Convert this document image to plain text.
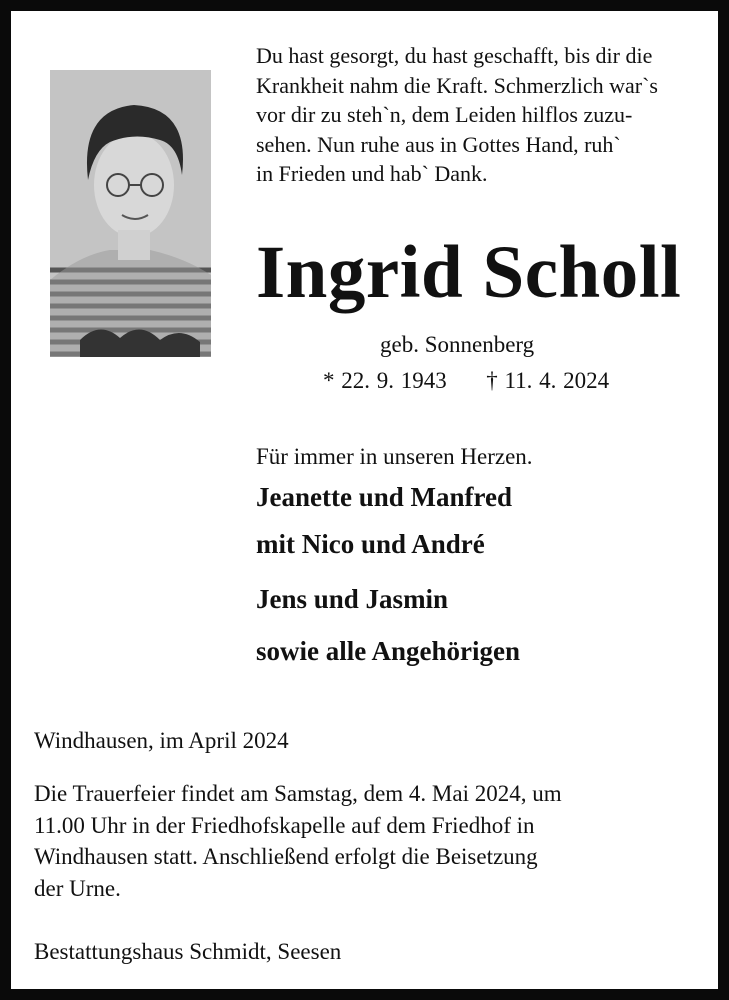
Du hast gesorgt, du hast geschafft, bis dir die
Krankheit nahm die Kraft. Schmerzlich war`s
vor dir zu steh`n, dem Leiden hilflos zuzu-
sehen. Nun ruhe aus in Gottes Hand, ruh`
in Frieden und hab` Dank.
Ingrid Scholl
geb. Sonnenberg
* 22. 9. 1943 † 11. 4. 2024
Für immer in unseren Herzen.
Jeanette und Manfred
mit Nico und André
Jens und Jasmin
sowie alle Angehörigen
Windhausen, im April 2024
Die Trauerfeier findet am Samstag, dem 4. Mai 2024, um
11.00 Uhr in der Friedhofskapelle auf dem Friedhof in
Windhausen statt. Anschließend erfolgt die Beisetzung
der Urne.
Bestattungshaus Schmidt, Seesen
